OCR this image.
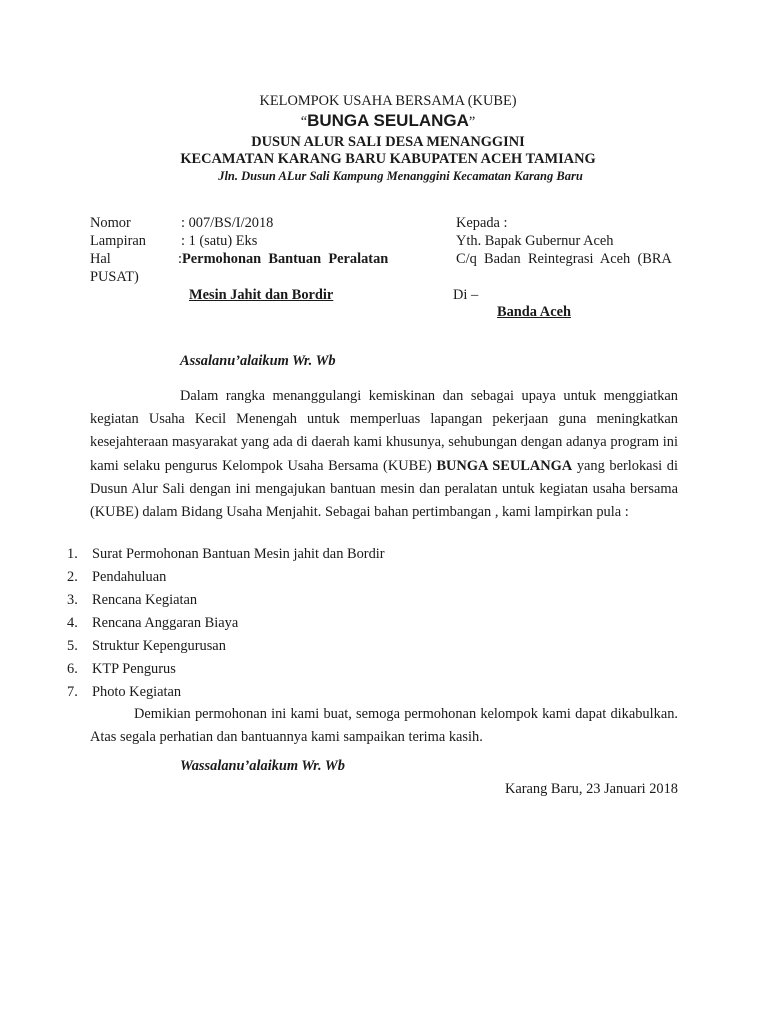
KELOMPOK USAHA BERSAMA (KUBE)
“BUNGA SEULANGA”
DUSUN ALUR SALI DESA MENANGGINI
KECAMATAN KARANG BARU KABUPATEN ACEH TAMIANG
Jln. Dusun ALur Sali Kampung Menanggini Kecamatan Karang Baru
Nomor	: 007/BS/I/2018
Lampiran : 1 (satu) Eks
Hal	:Permohonan  Bantuan  Peralatan
Mesin Jahit dan Bordir
Kepada :
Yth. Bapak Gubernur Aceh
C/q  Badan  Reintegrasi  Aceh  (BRA
PUSAT)
Di –
Banda Aceh
Assalanu’alaikum Wr. Wb
Dalam rangka menanggulangi kemiskinan dan sebagai upaya untuk menggiatkan kegiatan Usaha Kecil Menengah untuk memperluas lapangan pekerjaan guna meningkatkan kesejahteraan masyarakat yang ada di daerah kami khusunya, sehubungan dengan adanya program ini kami selaku pengurus Kelompok Usaha Bersama (KUBE) BUNGA SEULANGA yang berlokasi di Dusun Alur Sali dengan ini mengajukan bantuan mesin dan peralatan untuk kegiatan usaha bersama (KUBE) dalam Bidang Usaha Menjahit. Sebagai bahan pertimbangan , kami lampirkan pula :
1. Surat Permohonan Bantuan Mesin jahit dan Bordir
2. Pendahuluan
3. Rencana Kegiatan
4. Rencana Anggaran Biaya
5. Struktur Kepengurusan
6. KTP Pengurus
7. Photo Kegiatan
Demikian permohonan ini kami buat, semoga permohonan kelompok kami dapat dikabulkan. Atas segala perhatian dan bantuannya kami sampaikan terima kasih.
Wassalanu’alaikum Wr. Wb
Karang Baru, 23 Januari 2018
